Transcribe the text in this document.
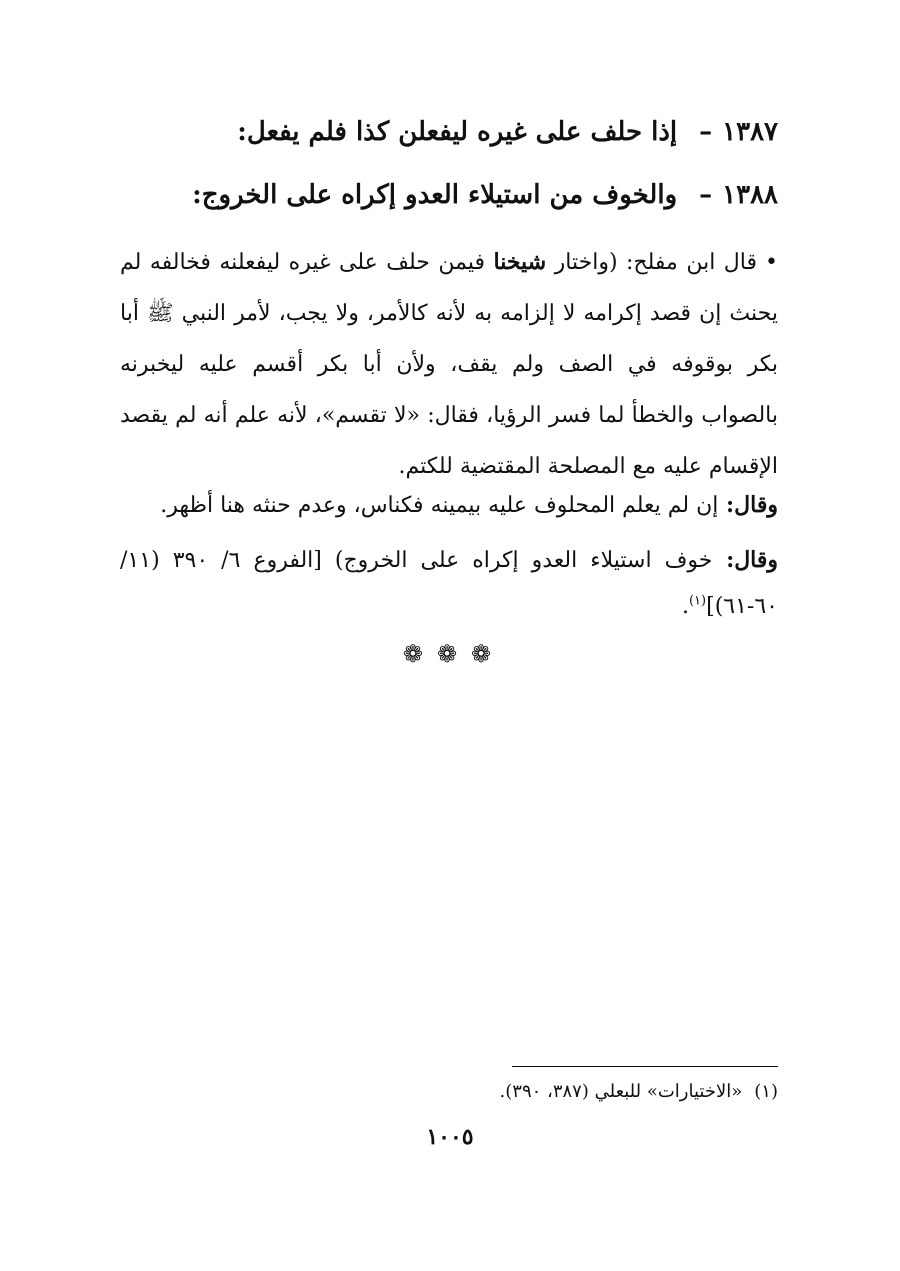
١٣٨٧–إذا حلف على غيره ليفعلن كذا فلم يفعل:
١٣٨٨–والخوف من استيلاء العدو إكراه على الخروج:
•قال ابن مفلح: (واختار شيخنا فيمن حلف على غيره ليفعلنه فخالفه لم يحنث إن قصد إكرامه لا إلزامه به لأنه كالأمر، ولا يجب، لأمر النبي ﷺ أبا بكر بوقوفه في الصف ولم يقف، ولأن أبا بكر أقسم عليه ليخبرنه بالصواب والخطأ لما فسر الرؤيا، فقال: «لا تقسم»، لأنه علم أنه لم يقصد الإقسام عليه مع المصلحة المقتضية للكتم.
وقال: إن لم يعلم المحلوف عليه بيمينه فكناس، وعدم حنثه هنا أظهر.
وقال: خوف استيلاء العدو إكراه على الخروج) [الفروع ٦/ ٣٩٠ (١١/ ٦٠-٦١)]$^{(١)}$.
❁❁❁
(١)«الاختيارات» للبعلي (٣٨٧، ٣٩٠).
١٠٠٥
